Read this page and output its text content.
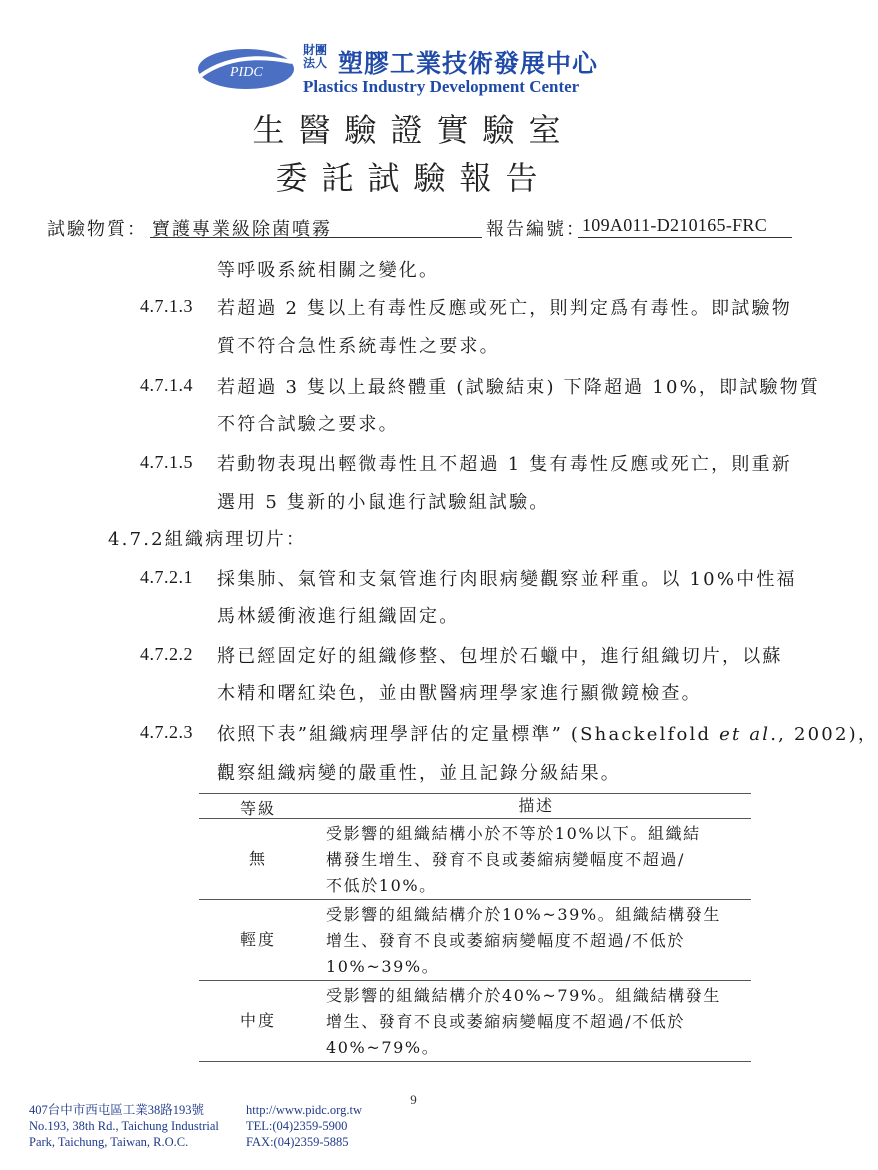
PIDC
財團法人 塑膠工業技術發展中心
Plastics Industry Development Center
生醫驗證實驗室
委託試驗報告
試驗物質： 寶護專業級除菌噴霧	報告編號：
109A011-D210165-FRC
等呼吸系統相關之變化。
4.7.1.3 若超過 2 隻以上有毒性反應或死亡，則判定爲有毒性。即試驗物
質不符合急性系統毒性之要求。
4.7.1.4 若超過 3 隻以上最終體重 (試驗結束) 下降超過 10%，即試驗物質
不符合試驗之要求。
4.7.1.5 若動物表現出輕微毒性且不超過 1 隻有毒性反應或死亡，則重新
選用 5 隻新的小鼠進行試驗組試驗。
4.7.2組織病理切片：
4.7.2.1 採集肺、氣管和支氣管進行肉眼病變觀察並秤重。以 10%中性福
馬林緩衝液進行組織固定。
4.7.2.2 將已經固定好的組織修整、包埋於石蠟中，進行組織切片，以蘇
木精和曙紅染色，並由獸醫病理學家進行顯微鏡檢查。
4.7.2.3 依照下表”組織病理學評估的定量標準” (Shackelfold et al., 2002)，
觀察組織病變的嚴重性，並且記錄分級結果。
等級	描述
無
受影響的組織結構小於不等於10%以下。組織結
構發生增生、發育不良或萎縮病變幅度不超過/
不低於10%。
輕度
受影響的組織結構介於10%~39%。組織結構發生
增生、發育不良或萎縮病變幅度不超過/不低於
10%~39%。
中度
受影響的組織結構介於40%~79%。組織結構發生
增生、發育不良或萎縮病變幅度不超過/不低於
40%~79%。
9
407台中市西屯區工業38路193號
No.193, 38th Rd., Taichung Industrial
Park, Taichung, Taiwan, R.O.C.
http://www.pidc.org.tw
TEL:(04)2359-5900
FAX:(04)2359-5885
